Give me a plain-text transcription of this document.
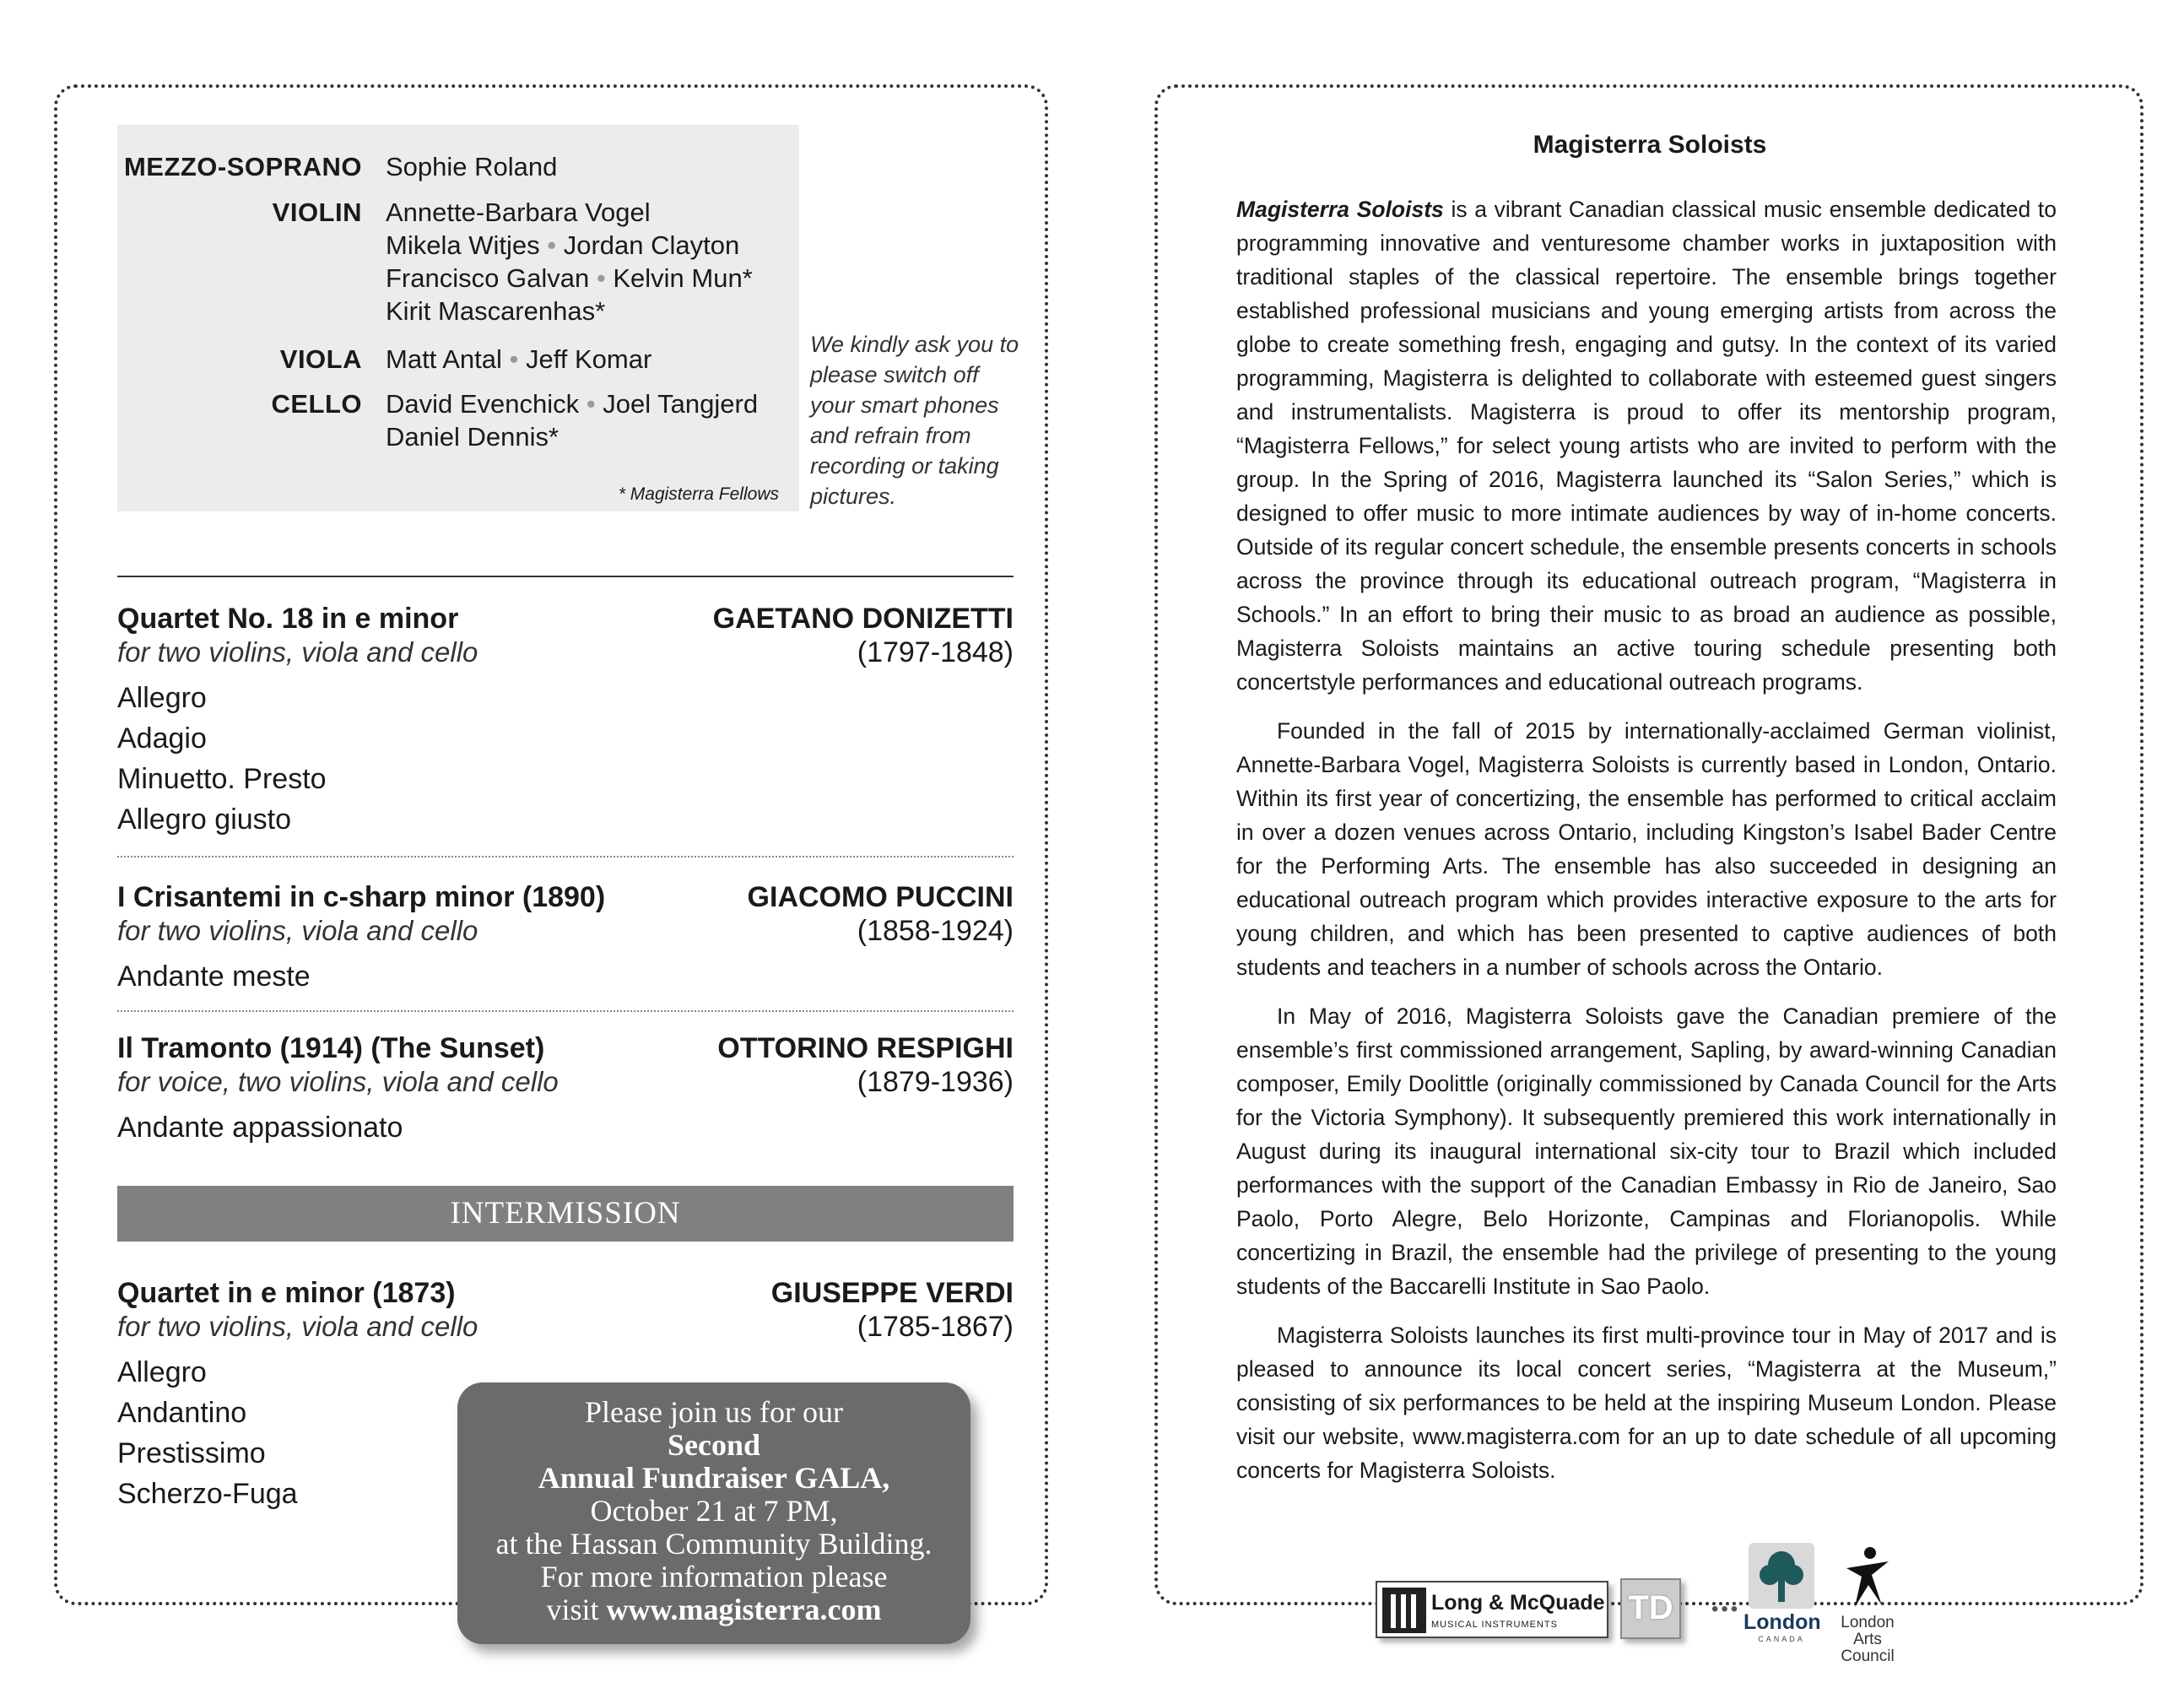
MEZZO-SOPRANO Sophie Roland
VIOLIN Annette-Barbara Vogel
Mikela Witjes • Jordan Clayton
Francisco Galvan • Kelvin Mun*
Kirit Mascarenhas*
VIOLA Matt Antal • Jeff Komar
CELLO David Evenchick • Joel Tangjerd
Daniel Dennis*
* Magisterra Fellows
We kindly ask you to please switch off your smart phones and refrain from recording or taking pictures.
Quartet No. 18 in e minor
for two violins, viola and cello
GAETANO DONIZETTI
(1797-1848)
Allegro
Adagio
Minuetto. Presto
Allegro giusto
I Crisantemi in c-sharp minor (1890)
for two violins, viola and cello
GIACOMO PUCCINI
(1858-1924)
Andante meste
Il Tramonto (1914) (The Sunset)
for voice, two violins, viola and cello
OTTORINO RESPIGHI
(1879-1936)
Andante appassionato
INTERMISSION
Quartet in e minor (1873)
for two violins, viola and cello
GIUSEPPE VERDI
(1785-1867)
Allegro
Andantino
Prestissimo
Scherzo-Fuga
Please join us for our
Second
Annual Fundraiser GALA,
October 21 at 7 PM,
at the Hassan Community Building.
For more information please
visit www.magisterra.com
Magisterra Soloists

Magisterra Soloists is a vibrant Canadian classical music ensemble dedicated to programming innovative and venturesome chamber works in juxtaposition with traditional staples of the classical repertoire. The ensemble brings together established professional musicians and young emerging artists from across the globe to create something fresh, engaging and gutsy. In the context of its varied programming, Magisterra is delighted to collaborate with esteemed guest singers and instrumentalists. Magisterra is proud to offer its mentorship program, “Magisterra Fellows,” for select young artists who are invited to perform with the group. In the Spring of 2016, Magisterra launched its “Salon Series,” which is designed to offer music to more intimate audiences by way of in-home concerts. Outside of its regular concert schedule, the ensemble presents concerts in schools across the province through its educational outreach program, “Magisterra in Schools.” In an effort to bring their music to as broad an audience as possible, Magisterra Soloists maintains an active touring schedule presenting both concertstyle performances and educational outreach programs.

Founded in the fall of 2015 by internationally-acclaimed German violinist, Annette-Barbara Vogel, Magisterra Soloists is currently based in London, Ontario. Within its first year of concertizing, the ensemble has performed to critical acclaim in over a dozen venues across Ontario, including Kingston’s Isabel Bader Centre for the Performing Arts. The ensemble has also succeeded in designing an educational outreach program which provides interactive exposure to the arts for young children, and which has been presented to captive audiences of both students and teachers in a number of schools across the Ontario.

In May of 2016, Magisterra Soloists gave the Canadian premiere of the ensemble’s first commissioned arrangement, Sapling, by award-winning Canadian composer, Emily Doolittle (originally commissioned by Canada Council for the Arts for the Victoria Symphony). It subsequently premiered this work internationally in August during its inaugural international six-city tour to Brazil which included performances with the support of the Canadian Embassy in Rio de Janeiro, Sao Paolo, Porto Alegre, Belo Horizonte, Campinas and Florianopolis. While concertizing in Brazil, the ensemble had the privilege of presenting to the young students of the Baccarelli Institute in Sao Paolo.

Magisterra Soloists launches its first multi-province tour in May of 2017 and is pleased to announce its local concert series, “Magisterra at the Museum,” consisting of six performances to be held at the inspiring Museum London. Please visit our website, www.magisterra.com for an up to date schedule of all upcoming concerts for Magisterra Soloists.

Long & McQuade
MUSICAL INSTRUMENTS TD	•••
London
CANADA
London Arts
Council
